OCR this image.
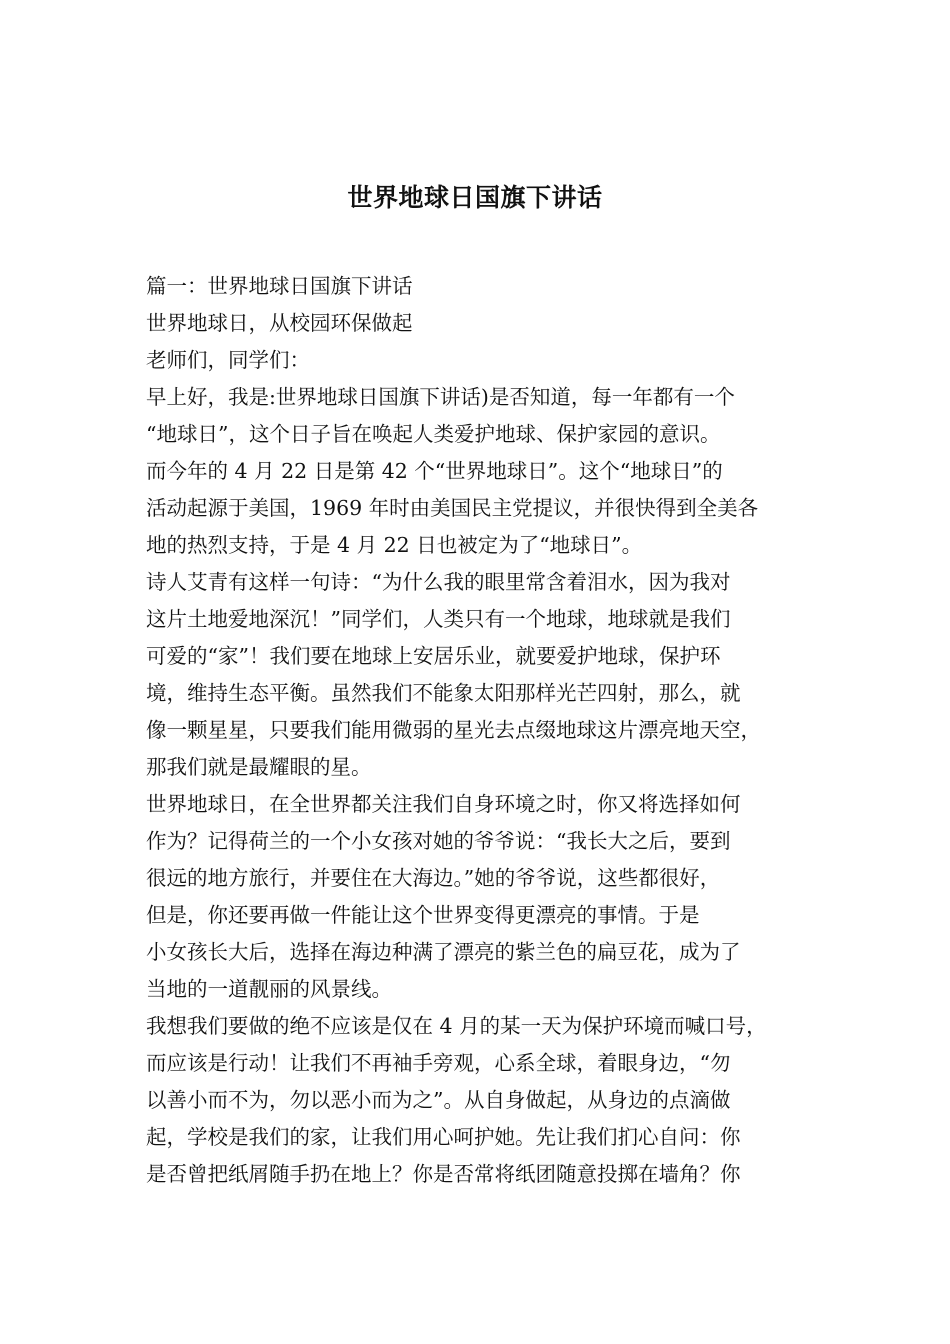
世界地球日国旗下讲话
篇一：世界地球日国旗下讲话
世界地球日，从校园环保做起
老师们，同学们：
早上好，我是:世界地球日国旗下讲话)是否知道，每一年都有一个
“地球日”，这个日子旨在唤起人类爱护地球、保护家园的意识。
而今年的 4 月 22 日是第 42 个“世界地球日”。这个“地球日”的
活动起源于美国，1969 年时由美国民主党提议，并很快得到全美各
地的热烈支持，于是 4 月 22 日也被定为了“地球日”。
诗人艾青有这样一句诗：“为什么我的眼里常含着泪水，因为我对
这片土地爱地深沉！”同学们，人类只有一个地球，地球就是我们
可爱的“家”！我们要在地球上安居乐业，就要爱护地球，保护环
境，维持生态平衡。虽然我们不能象太阳那样光芒四射，那么，就
像一颗星星，只要我们能用微弱的星光去点缀地球这片漂亮地天空，
那我们就是最耀眼的星。
世界地球日，在全世界都关注我们自身环境之时，你又将选择如何
作为？记得荷兰的一个小女孩对她的爷爷说：“我长大之后，要到
很远的地方旅行，并要住在大海边。”她的爷爷说，这些都很好，
但是，你还要再做一件能让这个世界变得更漂亮的事情。于是
小女孩长大后，选择在海边种满了漂亮的紫兰色的扁豆花，成为了
当地的一道靓丽的风景线。
我想我们要做的绝不应该是仅在 4 月的某一天为保护环境而喊口号，
而应该是行动！让我们不再袖手旁观，心系全球，着眼身边，“勿
以善小而不为，勿以恶小而为之”。从自身做起，从身边的点滴做
起，学校是我们的家，让我们用心呵护她。先让我们扪心自问：你
是否曾把纸屑随手扔在地上？你是否常将纸团随意投掷在墙角？你
